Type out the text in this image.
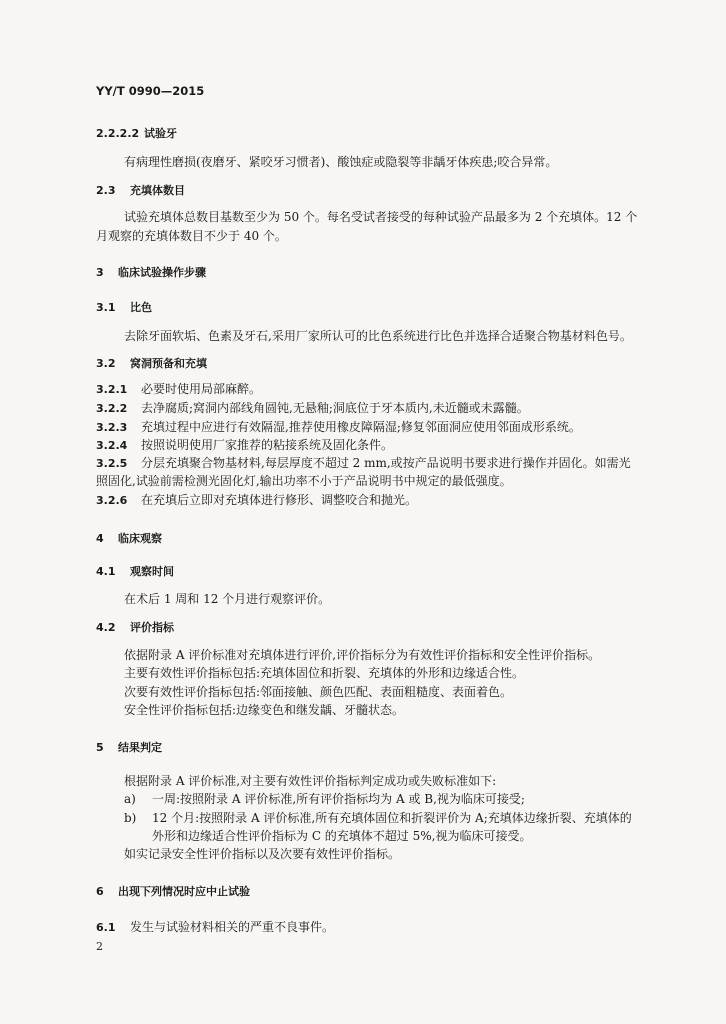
YY/T 0990—2015
2.2.2.2 试验牙
有病理性磨损(夜磨牙、紧咬牙习惯者)、酸蚀症或隐裂等非龋牙体疾患;咬合异常。
2.3 充填体数目
试验充填体总数目基数至少为 50 个。每名受试者接受的每种试验产品最多为 2 个充填体。12 个
月观察的充填体数目不少于 40 个。
3 临床试验操作步骤
3.1 比色
去除牙面软垢、色素及牙石,采用厂家所认可的比色系统进行比色并选择合适聚合物基材料色号。
3.2 窝洞预备和充填
3.2.1 必要时使用局部麻醉。
3.2.2 去净腐质;窝洞内部线角圆钝,无悬釉;洞底位于牙本质内,未近髓或未露髓。
3.2.3 充填过程中应进行有效隔湿,推荐使用橡皮障隔湿;修复邻面洞应使用邻面成形系统。
3.2.4 按照说明使用厂家推荐的粘接系统及固化条件。
3.2.5 分层充填聚合物基材料,每层厚度不超过 2 mm,或按产品说明书要求进行操作并固化。如需光
照固化,试验前需检测光固化灯,输出功率不小于产品说明书中规定的最低强度。
3.2.6 在充填后立即对充填体进行修形、调整咬合和抛光。
4 临床观察
4.1 观察时间
在术后 1 周和 12 个月进行观察评价。
4.2 评价指标
依据附录 A 评价标准对充填体进行评价,评价指标分为有效性评价指标和安全性评价指标。
主要有效性评价指标包括:充填体固位和折裂、充填体的外形和边缘适合性。
次要有效性评价指标包括:邻面接触、颜色匹配、表面粗糙度、表面着色。
安全性评价指标包括:边缘变色和继发龋、牙髓状态。
5 结果判定
根据附录 A 评价标准,对主要有效性评价指标判定成功或失败标准如下:
a) 一周:按照附录 A 评价标准,所有评价指标均为 A 或 B,视为临床可接受;
b) 12 个月:按照附录 A 评价标准,所有充填体固位和折裂评价为 A;充填体边缘折裂、充填体的
外形和边缘适合性评价指标为 C 的充填体不超过 5%,视为临床可接受。
如实记录安全性评价指标以及次要有效性评价指标。
6 出现下列情况时应中止试验
6.1 发生与试验材料相关的严重不良事件。
2
